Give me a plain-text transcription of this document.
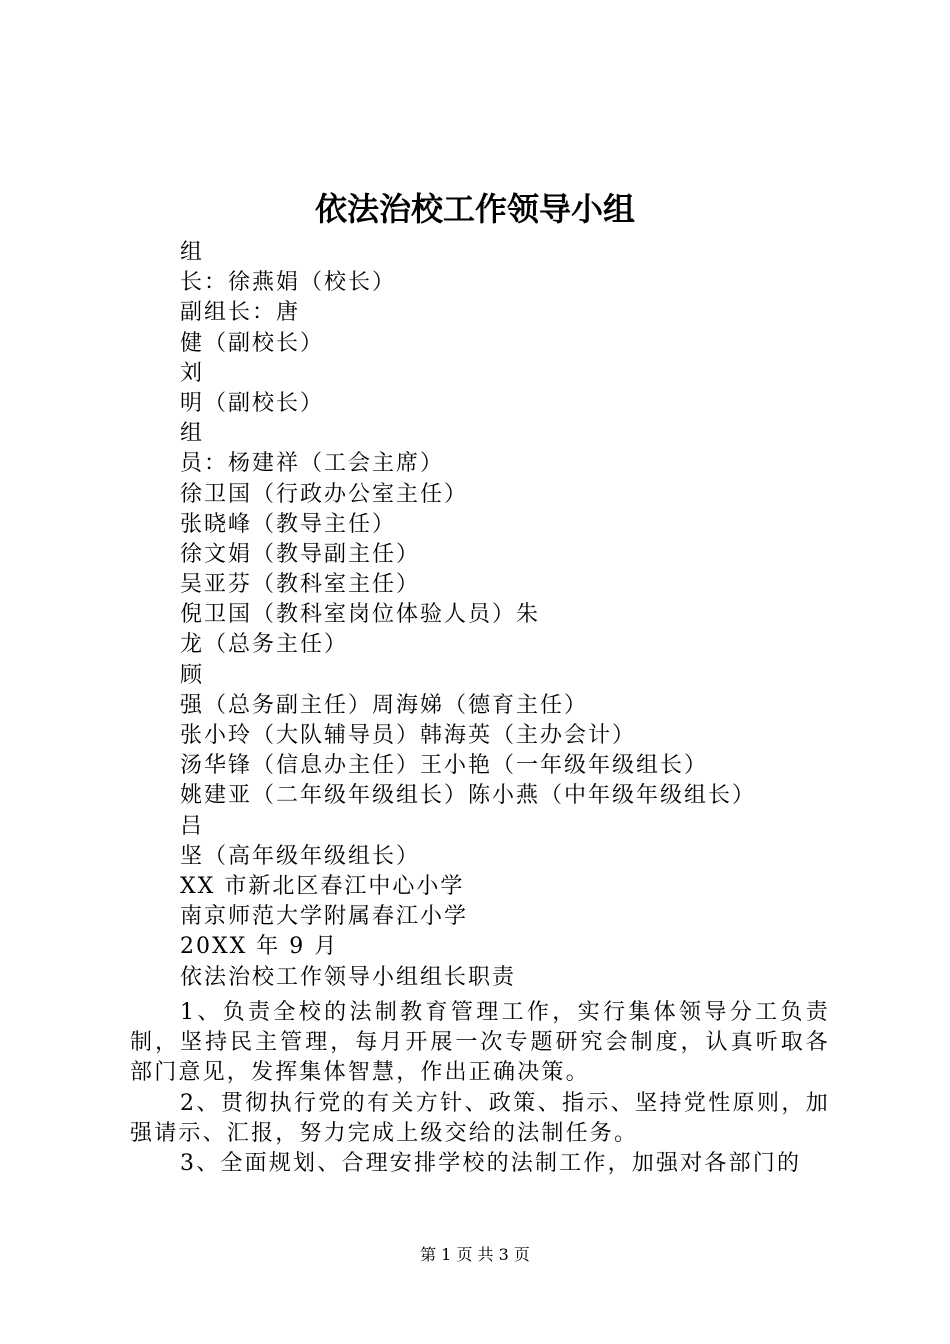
依法治校工作领导小组
组
长：徐燕娟（校长）
副组长：唐
健（副校长）
刘
明（副校长）
组
员：杨建祥（工会主席）
徐卫国（行政办公室主任）
张晓峰（教导主任）
徐文娟（教导副主任）
吴亚芬（教科室主任）
倪卫国（教科室岗位体验人员）朱
龙（总务主任）
顾
强（总务副主任）周海娣（德育主任）
张小玲（大队辅导员）韩海英（主办会计）
汤华锋（信息办主任）王小艳（一年级年级组长）
姚建亚（二年级年级组长）陈小燕（中年级年级组长）
吕
坚（高年级年级组长）
XX 市新北区春江中心小学
南京师范大学附属春江小学
20XX 年 9 月
依法治校工作领导小组组长职责

1、负责全校的法制教育管理工作，实行集体领导分工负责制，坚持民主管理，每月开展一次专题研究会制度，认真听取各部门意见，发挥集体智慧，作出正确决策。

2、贯彻执行党的有关方针、政策、指示、坚持党性原则，加强请示、汇报，努力完成上级交给的法制任务。

3、全面规划、合理安排学校的法制工作，加强对各部门的

第 1 页 共 3 页
